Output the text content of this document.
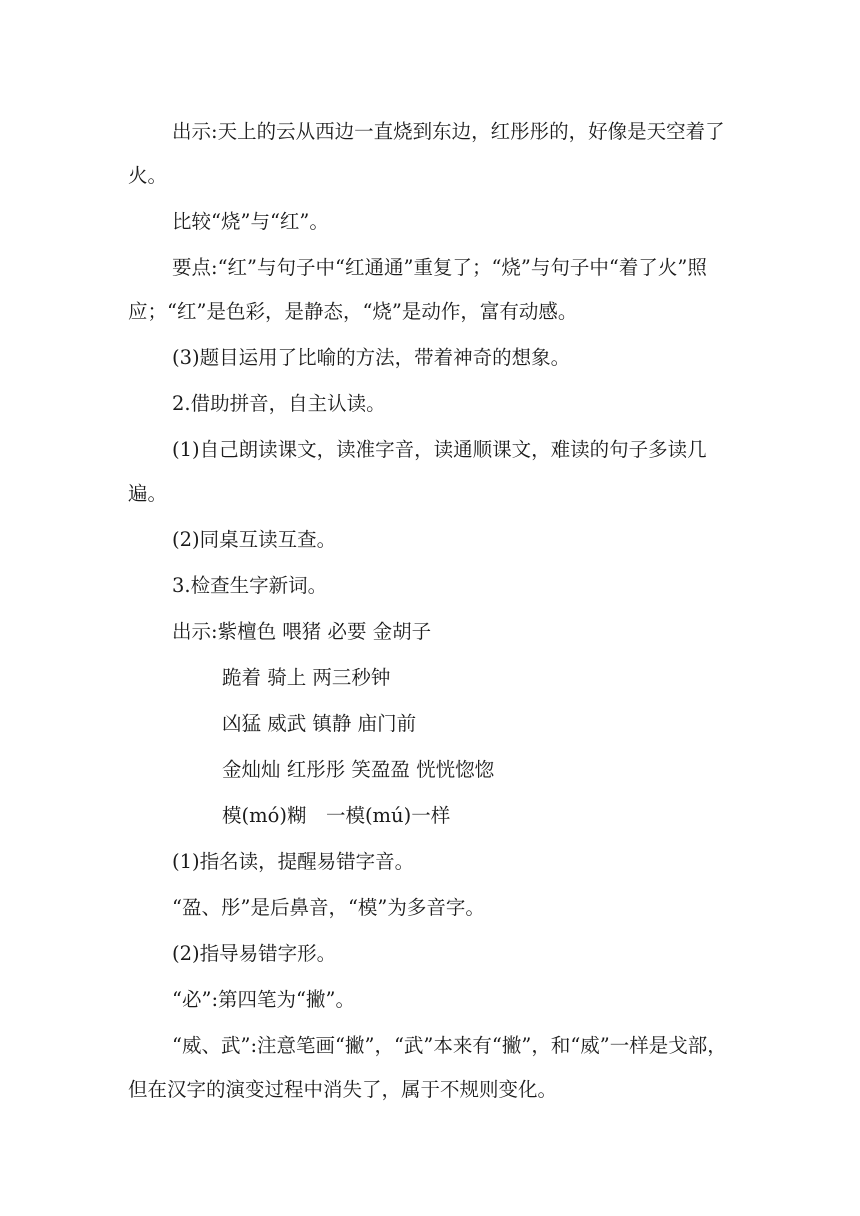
出示:天上的云从西边一直烧到东边，红彤彤的，好像是天空着了火。

比较“烧”与“红”。

要点:“红”与句子中“红通通”重复了；“烧”与句子中“着了火”照应；“红”是色彩，是静态，“烧”是动作，富有动感。

(3)题目运用了比喻的方法，带着神奇的想象。

2.借助拼音，自主认读。

(1)自己朗读课文，读准字音，读通顺课文，难读的句子多读几遍。

(2)同桌互读互查。

3.检查生字新词。

出示:紫檀色 喂猪 必要 金胡子

跪着 骑上 两三秒钟
凶猛 威武 镇静 庙门前
金灿灿 红彤彤 笑盈盈 恍恍惚惚
模(mó)糊　一模(mú)一样

(1)指名读，提醒易错字音。

“盈、彤”是后鼻音，“模”为多音字。

(2)指导易错字形。

“必”:第四笔为“撇”。

“威、武”:注意笔画“撇”，“武”本来有“撇”，和“威”一样是戈部，但在汉字的演变过程中消失了，属于不规则变化。
